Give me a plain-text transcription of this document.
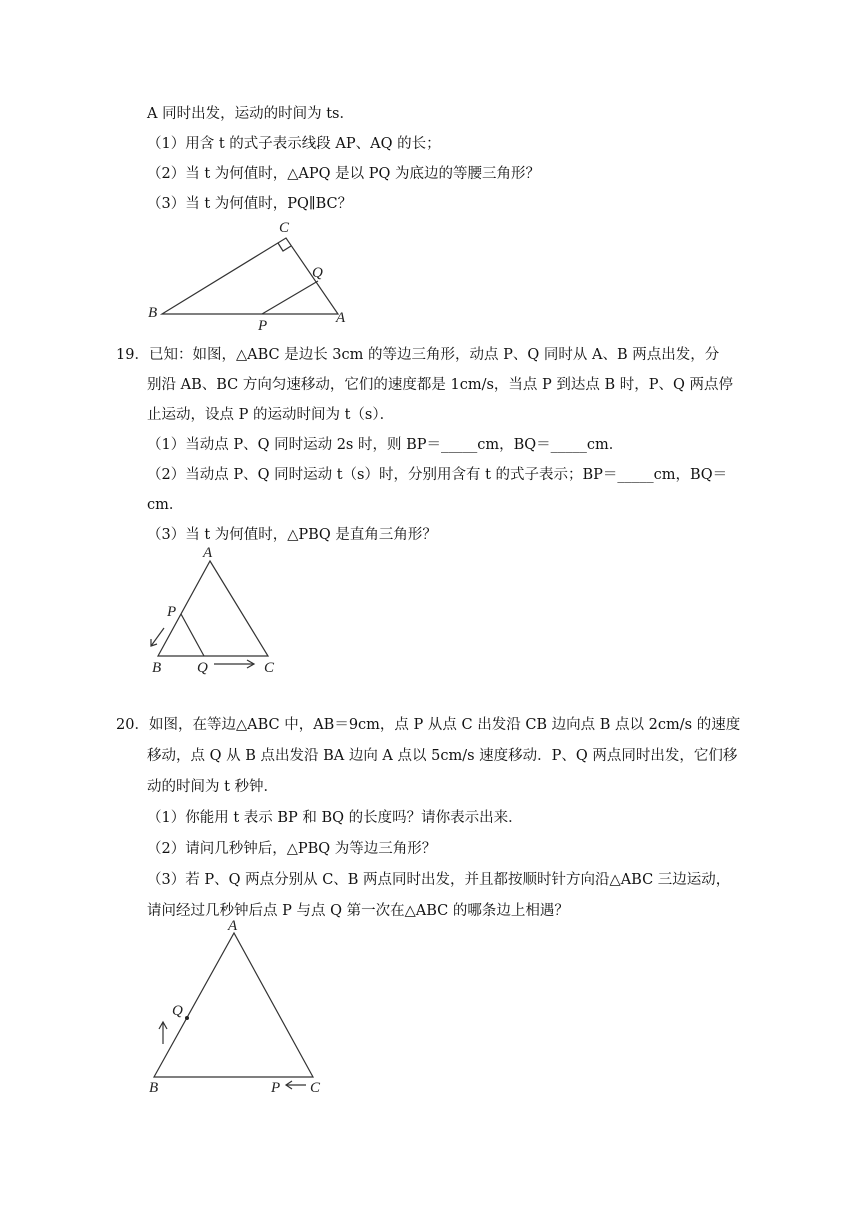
A 同时出发，运动的时间为 ts．
（1）用含 t 的式子表示线段 AP、AQ 的长；
（2）当 t 为何值时，△APQ 是以 PQ 为底边的等腰三角形？
（3）当 t 为何值时，PQ∥BC？
C
B	A
P
Q
19．已知：如图，△ABC 是边长 3cm 的等边三角形，动点 P、Q 同时从 A、B 两点出发，分
别沿 AB、BC 方向匀速移动，它们的速度都是 1cm/s，当点 P 到达点 B 时，P、Q 两点停
止运动，设点 P 的运动时间为 t（s）．
（1）当动点 P、Q 同时运动 2s 时，则 BP＝_____cm，BQ＝_____cm．
（2）当动点 P、Q 同时运动 t（s）时，分别用含有 t 的式子表示；BP＝_____cm，BQ＝
cm．
（3）当 t 为何值时，△PBQ 是直角三角形？
A
P
B Q	C
20．如图，在等边△ABC 中，AB＝9cm，点 P 从点 C 出发沿 CB 边向点 B 点以 2cm/s 的速度
移动，点 Q 从 B 点出发沿 BA 边向 A 点以 5cm/s 速度移动．P、Q 两点同时出发，它们移
动的时间为 t 秒钟．
（1）你能用 t 表示 BP 和 BQ 的长度吗？请你表示出来．
（2）请问几秒钟后，△PBQ 为等边三角形？
（3）若 P、Q 两点分别从 C、B 两点同时出发，并且都按顺时针方向沿△ABC 三边运动，
请问经过几秒钟后点 P 与点 Q 第一次在△ABC 的哪条边上相遇？
A
Q
B	P C
